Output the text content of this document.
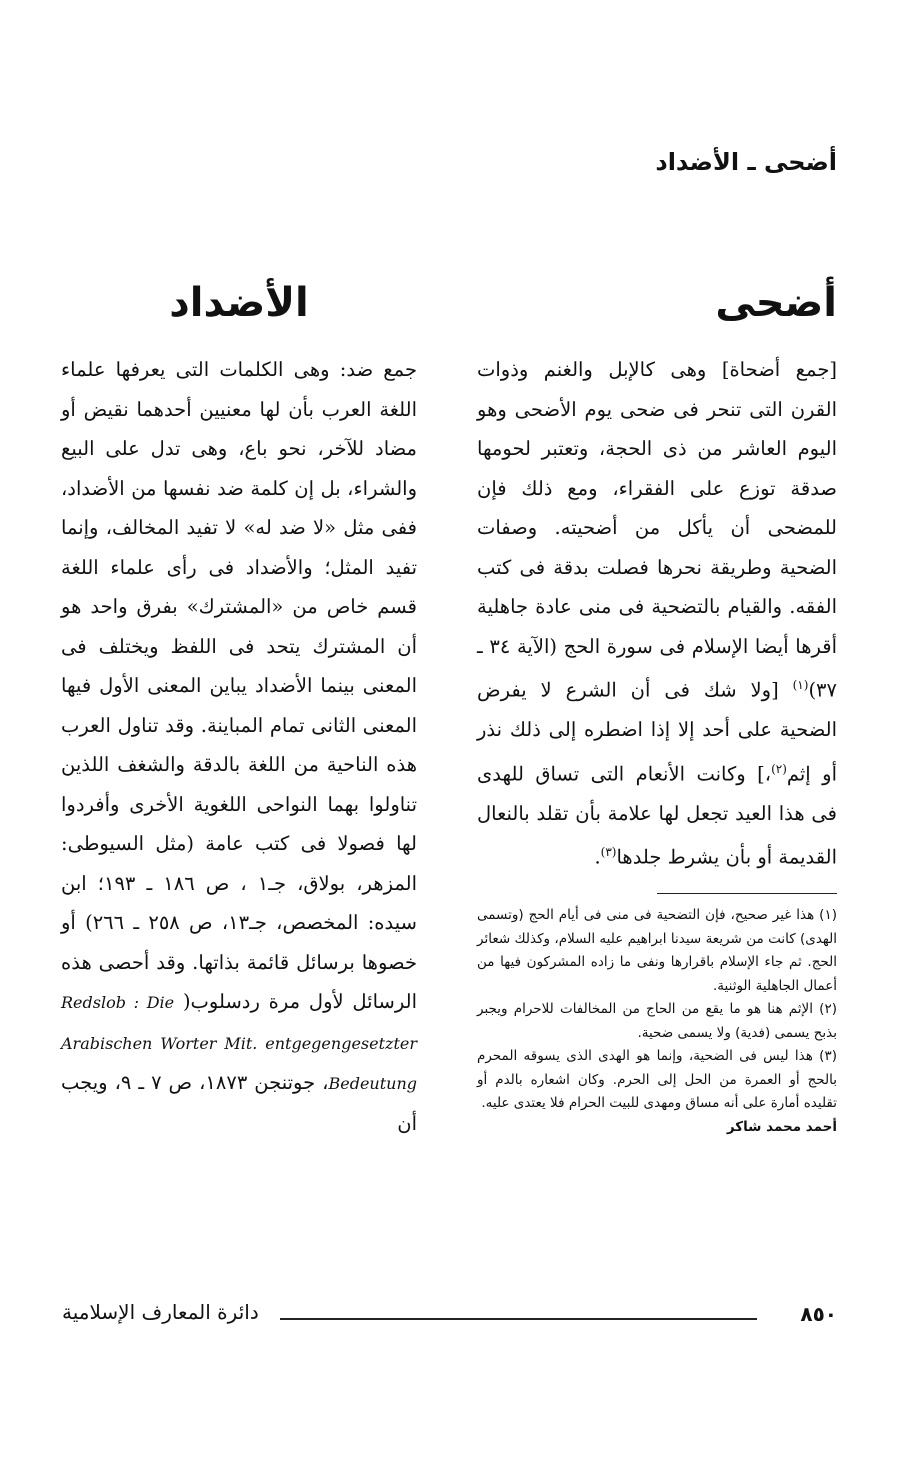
أضحى ـ الأضداد
أضحى
[جمع أضحاة] وهى كالإبل والغنم وذوات القرن التى تنحر فى ضحى يوم الأضحى وهو اليوم العاشر من ذى الحجة، وتعتبر لحومها صدقة توزع على الفقراء، ومع ذلك فإن للمضحى أن يأكل من أضحيته. وصفات الضحية وطريقة نحرها فصلت بدقة فى كتب الفقه. والقيام بالتضحية فى منى عادة جاهلية أقرها أيضا الإسلام فى سورة الحج (الآية ٣٤ ـ ٣٧)$^{(١)}$ [ولا شك فى أن الشرع لا يفرض الضحية على أحد إلا إذا اضطره إلى ذلك نذر أو إثم$^{(٢)}$،] وكانت الأنعام التى تساق للهدى فى هذا العيد تجعل لها علامة بأن تقلد بالنعال القديمة أو بأن يشرط جلدها$^{(٣)}$.

(١) هذا غير صحيح، فإن التضحية فى منى فى أيام الحج (وتسمى الهدى) كانت من شريعة سيدنا ابراهيم عليه السلام، وكذلك شعائر الحج. ثم جاء الإسلام باقرارها ونفى ما زاده المشركون فيها من أعمال الجاهلية الوثنية.

(٢) الإثم هنا هو ما يقع من الحاج من المخالفات للاحرام ويجبر بذبح يسمى (فدية) ولا يسمى ضحية.

(٣) هذا ليس فى الضحية، وإنما هو الهدى الذى يسوقه المحرم بالحج أو العمرة من الحل إلى الحرم. وكان اشعاره بالدم أو تقليده أمارة على أنه مساق ومهدى للبيت الحرام فلا يعتدى عليه.

أحمد محمد شاكر

الأضداد
جمع ضد: وهى الكلمات التى يعرفها علماء اللغة العرب بأن لها معنيين أحدهما نقيض أو مضاد للآخر، نحو باع، وهى تدل على البيع والشراء، بل إن كلمة ضد نفسها من الأضداد، ففى مثل «لا ضد له» لا تفيد المخالف، وإنما تفيد المثل؛ والأضداد فى رأى علماء اللغة قسم خاص من «المشترك» بفرق واحد هو أن المشترك يتحد فى اللفظ ويختلف فى المعنى بينما الأضداد يباين المعنى الأول فيها المعنى الثانى تمام المباينة. وقد تناول العرب هذه الناحية من اللغة بالدقة والشغف اللذين تناولوا بهما النواحى اللغوية الأخرى وأفردوا لها فصولا فى كتب عامة (مثل السيوطى: المزهر، بولاق، جـ١ ، ص ١٨٦ ـ ١٩٣؛ ابن سيده: المخصص، جـ١٣، ص ٢٥٨ ـ ٢٦٦) أو خصوها برسائل قائمة بذاتها. وقد أحصى هذه الرسائل لأول مرة ردسلوب( Redslob : Die Arabischen Worter Mit. entgegengesetzter Bedeutung، جوتنجن ١٨٧٣، ص ٧ ـ ٩، ويجب أن
٨٥٠
دائرة المعارف الإسلامية
